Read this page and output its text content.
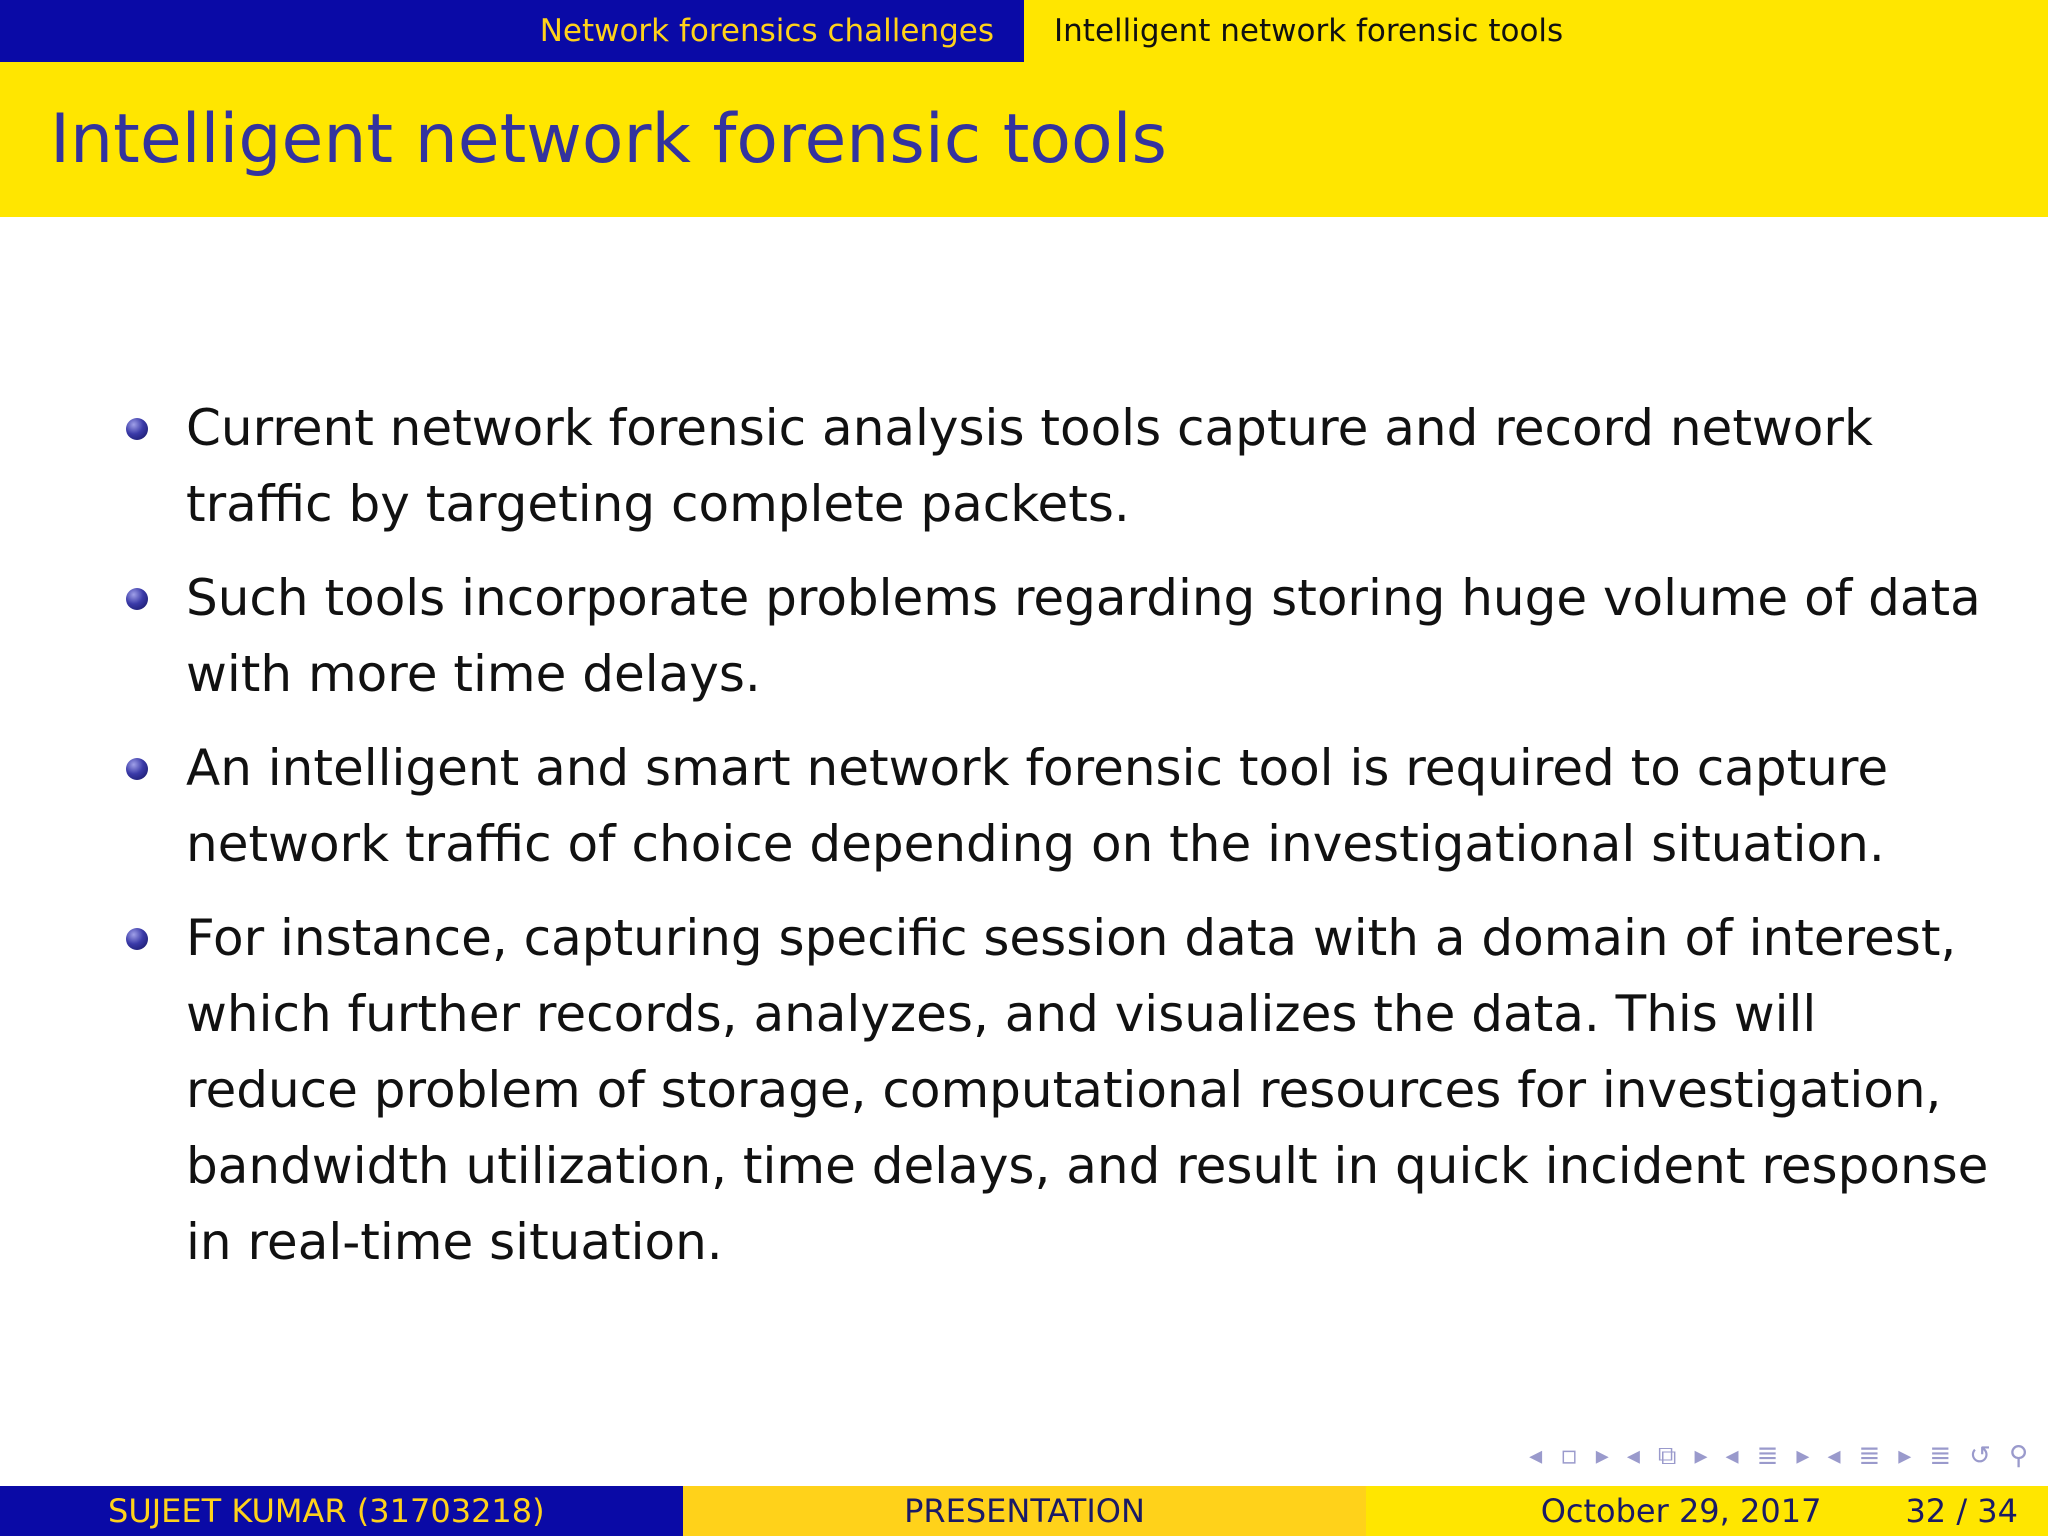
Network forensics challenges Intelligent network forensic tools
Intelligent network forensic tools
Current network forensic analysis tools capture and record network traffic by targeting complete packets.
Such tools incorporate problems regarding storing huge volume of data with more time delays.
An intelligent and smart network forensic tool is required to capture network traffic of choice depending on the investigational situation.
For instance, capturing specific session data with a domain of interest, which further records, analyzes, and visualizes the data. This will reduce problem of storage, computational resources for investigation, bandwidth utilization, time delays, and result in quick incident response in real-time situation.
◂ ▫ ▸ ◂ ⧉ ▸ ◂ ≣ ▸ ◂ ≣ ▸ ≣ ↺ ⚲
SUJEET KUMAR (31703218)	PRESENTATION	October 29, 2017	32 / 34
